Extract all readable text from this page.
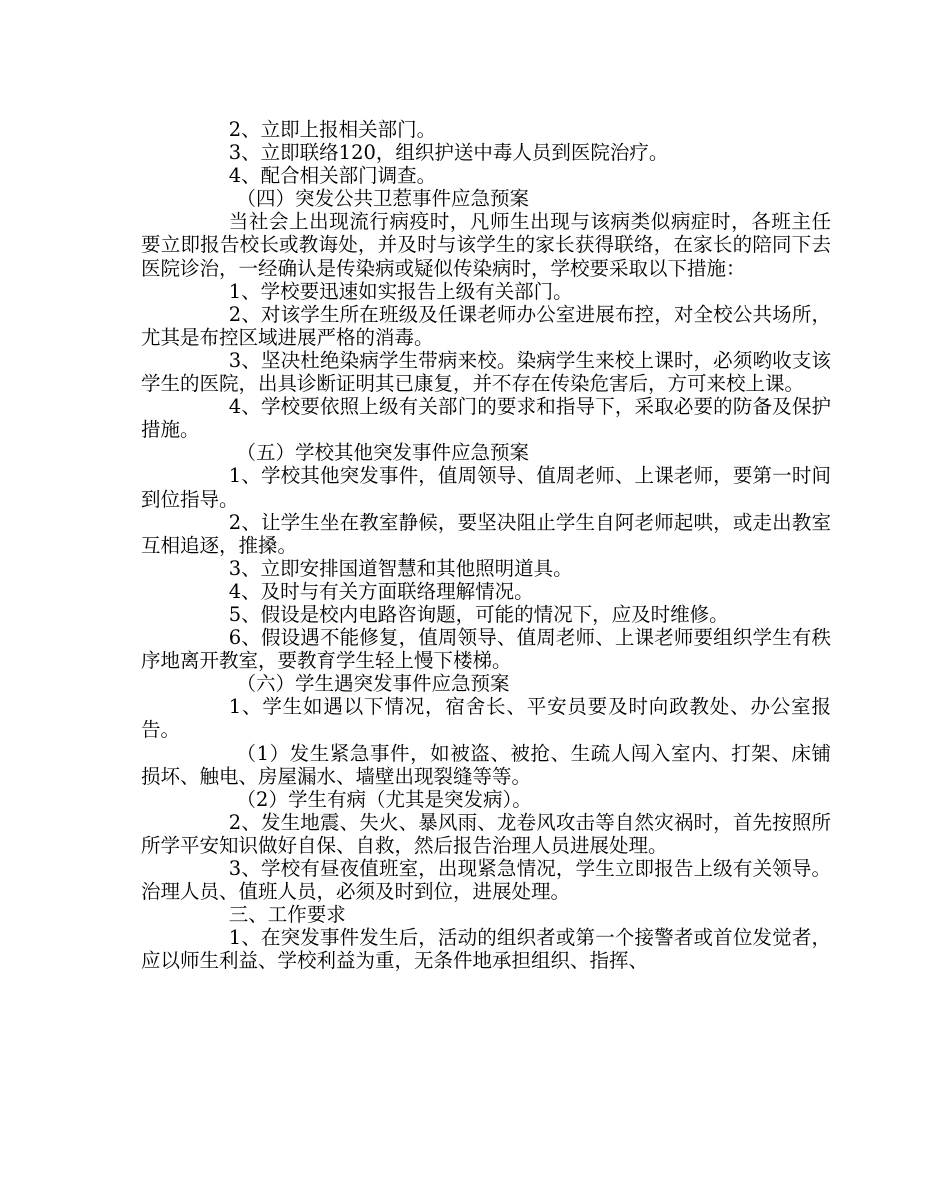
2、立即上报相关部门。

3、立即联络120，组织护送中毒人员到医院治疗。

4、配合相关部门调查。

（四）突发公共卫惹事件应急预案

当社会上出现流行病疫时，凡师生出现与该病类似病症时，各班主任要立即报告校长或教诲处，并及时与该学生的家长获得联络，在家长的陪同下去医院诊治，一经确认是传染病或疑似传染病时，学校要采取以下措施：

1、学校要迅速如实报告上级有关部门。

2、对该学生所在班级及任课老师办公室进展布控，对全校公共场所，尤其是布控区域进展严格的消毒。

3、坚决杜绝染病学生带病来校。染病学生来校上课时，必须哟收支该学生的医院，出具诊断证明其已康复，并不存在传染危害后，方可来校上课。

4、学校要依照上级有关部门的要求和指导下，采取必要的防备及保护措施。

（五）学校其他突发事件应急预案

1、学校其他突发事件，值周领导、值周老师、上课老师，要第一时间到位指导。

2、让学生坐在教室静候，要坚决阻止学生自阿老师起哄，或走出教室互相追逐，推搡。

3、立即安排国道智慧和其他照明道具。

4、及时与有关方面联络理解情况。

5、假设是校内电路咨询题，可能的情况下，应及时维修。

6、假设遇不能修复，值周领导、值周老师、上课老师要组织学生有秩序地离开教室，要教育学生轻上慢下楼梯。

（六）学生遇突发事件应急预案

1、学生如遇以下情况，宿舍长、平安员要及时向政教处、办公室报告。

（1）发生紧急事件，如被盗、被抢、生疏人闯入室内、打架、床铺损坏、触电、房屋漏水、墙壁出现裂缝等等。

（2）学生有病（尤其是突发病）。

2、发生地震、失火、暴风雨、龙卷风攻击等自然灾祸时，首先按照所所学平安知识做好自保、自救，然后报告治理人员进展处理。

3、学校有昼夜值班室，出现紧急情况，学生立即报告上级有关领导。治理人员、值班人员，必须及时到位，进展处理。

三、工作要求

1、在突发事件发生后，活动的组织者或第一个接警者或首位发觉者，应以师生利益、学校利益为重，无条件地承担组织、指挥、
